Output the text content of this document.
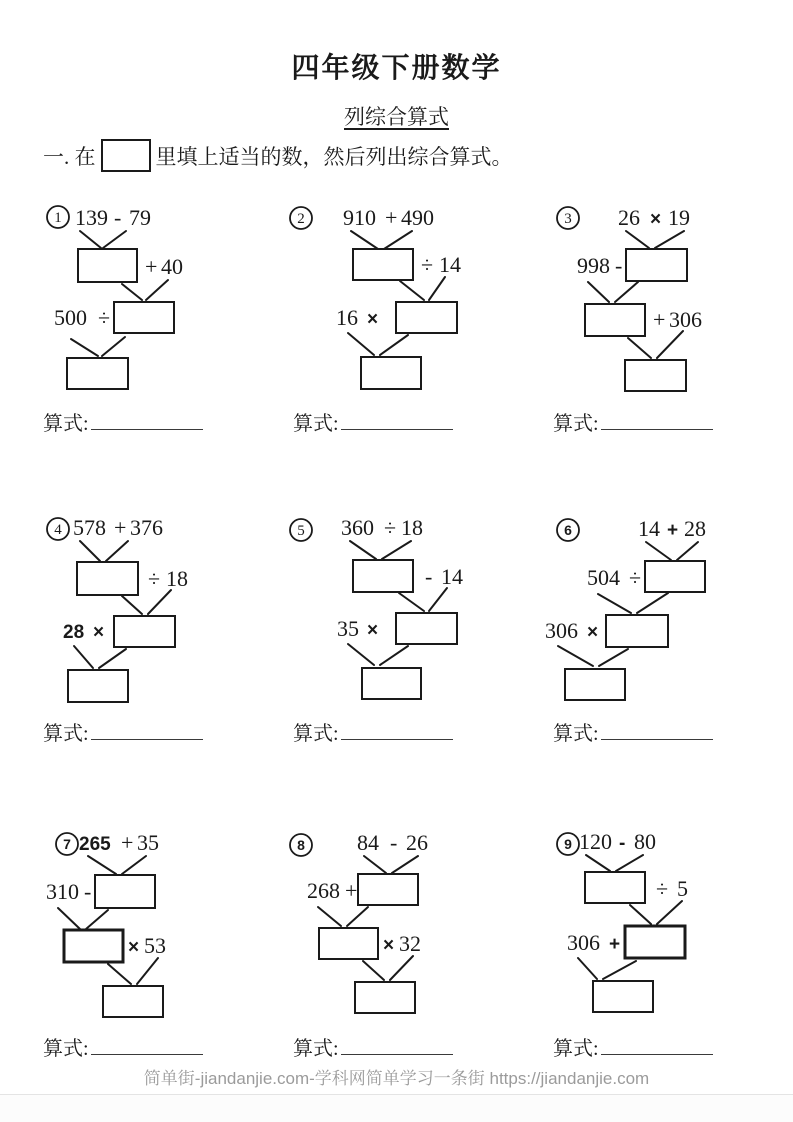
四年级下册数学
列综合算式
一. 在	里填上适当的数，然后列出综合算式。
1 139 - 79
+ 40
500 ÷
算式:
2 910 + 490
÷ 14
16 ×
算式:
3 26 × 19
998 -
+ 306
算式:
4 578 + 376
÷ 18
28 ×
算式:
5 360 ÷ 18
- 14
35 ×
算式:
6	14 + 28
504 ÷
306 ×
算式:
7 265 + 35
310 -
× 53
算式:
8 84 - 26
268 +
× 32
算式:
9 120 - 80
÷ 5
306 +
算式:
简单街-jiandanjie.com-学科网简单学习一条街 https://jiandanjie.com
